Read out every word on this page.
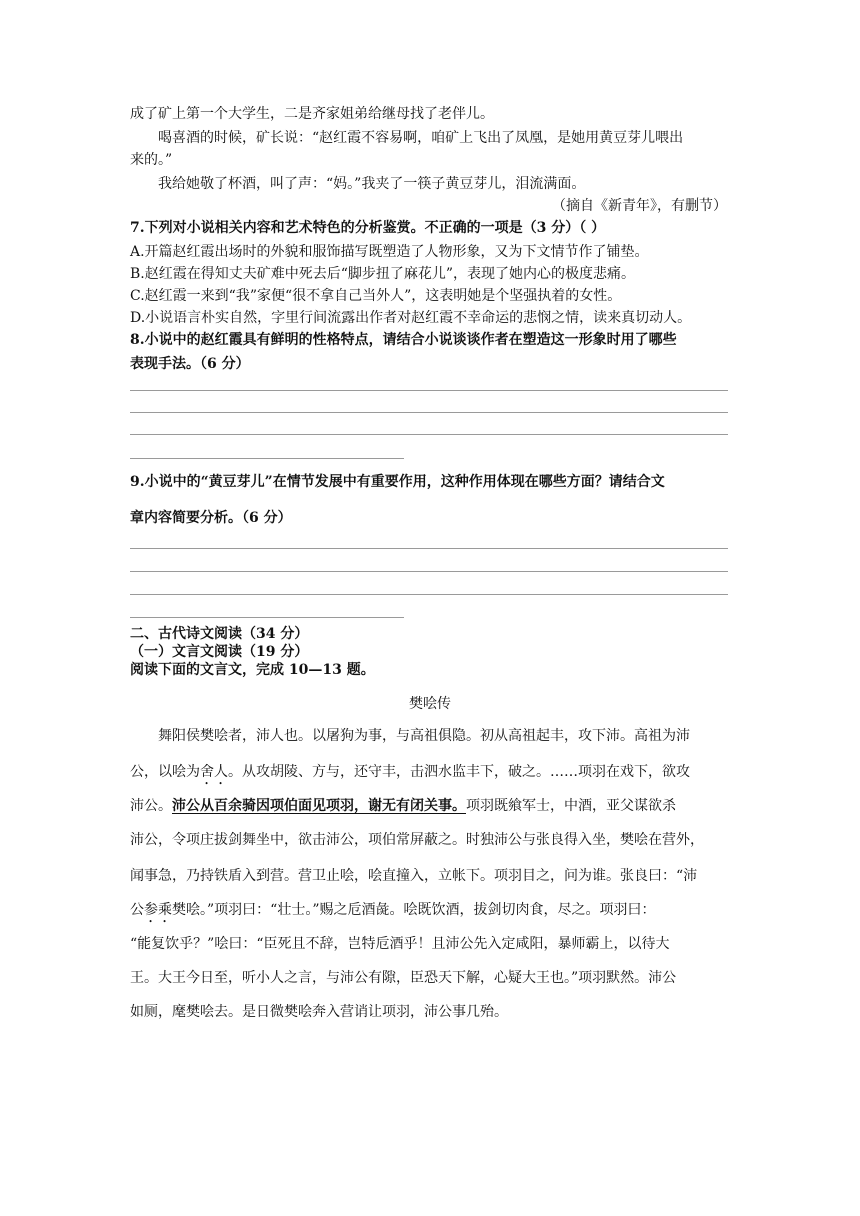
成了矿上第一个大学生，二是齐家姐弟给继母找了老伴儿。
喝喜酒的时候，矿长说：“赵红霞不容易啊，咱矿上飞出了凤凰，是她用黄豆芽儿喂出
来的。”
我给她敬了杯酒，叫了声：“妈。”我夹了一筷子黄豆芽儿，泪流满面。
（摘自《新青年》，有删节）
7.下列对小说相关内容和艺术特色的分析鉴赏。不正确的一项是（3 分）（ ）
A.开篇赵红霞出场时的外貌和服饰描写既塑造了人物形象，又为下文情节作了铺垫。
B.赵红霞在得知丈夫矿难中死去后“脚步扭了麻花儿”，表现了她内心的极度悲痛。
C.赵红霞一来到“我”家便“很不拿自己当外人”，这表明她是个坚强执着的女性。
D.小说语言朴实自然，字里行间流露出作者对赵红霞不幸命运的悲悯之情，读来真切动人。
8.小说中的赵红霞具有鲜明的性格特点，请结合小说谈谈作者在塑造这一形象时用了哪些
表现手法。（6 分）
9.小说中的“黄豆芽儿”在情节发展中有重要作用，这种作用体现在哪些方面？请结合文
章内容简要分析。（6 分）
二、古代诗文阅读（34 分）
（一）文言文阅读（19 分）
阅读下面的文言文，完成 10—13 题。
樊哙传
舞阳侯樊哙者，沛人也。以屠狗为事，与高祖俱隐。初从高祖起丰，攻下沛。高祖为沛
公，以哙为舍人。从攻胡陵、方与，还守丰，击泗水监丰下，破之。……项羽在戏下，欲攻
沛公。沛公从百余骑因项伯面见项羽，谢无有闭关事。项羽既飨军士，中酒，亚父谋欲杀
沛公，令项庄拔剑舞坐中，欲击沛公，项伯常屏蔽之。时独沛公与张良得入坐，樊哙在营外，
闻事急，乃持铁盾入到营。营卫止哙，哙直撞入，立帐下。项羽目之，问为谁。张良曰：“沛
公参乘樊哙。”项羽曰：“壮士。”赐之卮酒彘。哙既饮酒，拔剑切肉食，尽之。项羽曰：
“能复饮乎？”哙曰：“臣死且不辞，岂特卮酒乎！且沛公先入定咸阳，暴师霸上，以待大
王。大王今日至，听小人之言，与沛公有隙，臣恐天下解，心疑大王也。”项羽默然。沛公
如厕，麾樊哙去。是日微樊哙奔入营诮让项羽，沛公事几殆。
